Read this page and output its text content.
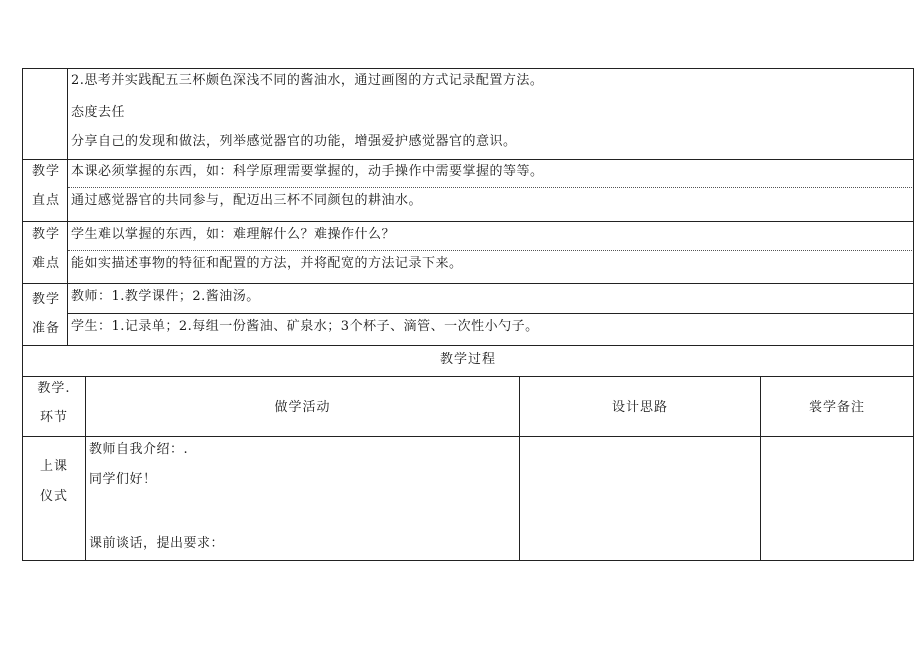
2.思考并实践配五三杯颇色深浅不同的酱油水，通过画图的方式记录配置方法。
态度去任
分享自己的发现和做法，列举感觉器官的功能，增强爱护感觉器官的意识。
教学
直点
本课必须掌握的东西，如：科学原理需要掌握的，动手操作中需要掌握的等等。
通过感觉器官的共同参与，配迈出三杯不同颜包的耕油水。
教学
难点
学生难以掌握的东西，如：难理解什么？难操作什么？
能如实描述事物的特征和配置的方法，并将配宽的方法记录下来。
教学
准备
教师：1.教学课件；2.酱油汤。
学生：1.记录单；2.每组一份酱油、矿泉水；3个杯子、滴管、一次性小勺子。
教学过程
教学.
环节
做学活动	设计思路	裳学备注
上课
仪式
教师自我介绍：.
同学们好！
课前谈话，提出要求：
